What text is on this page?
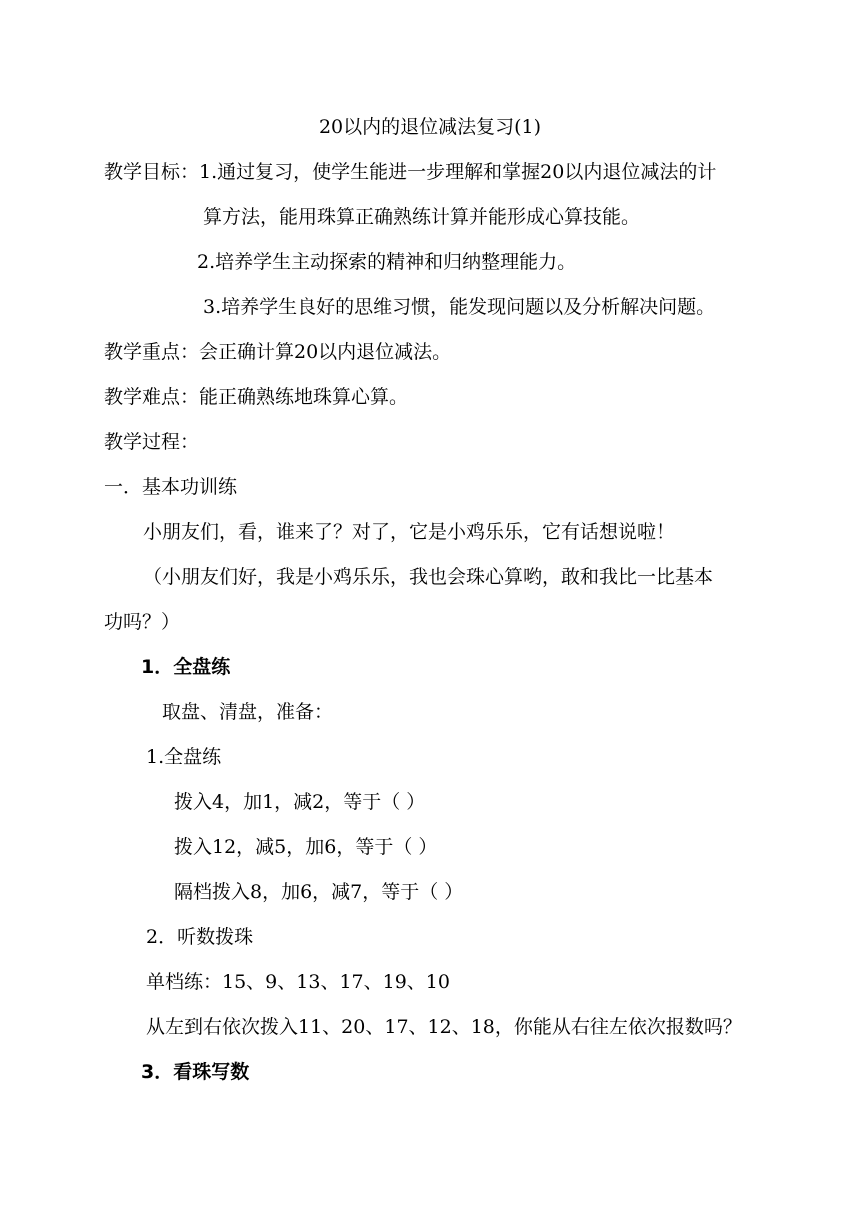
20以内的退位减法复习(1)
教学目标：1.通过复习，使学生能进一步理解和掌握20以内退位减法的计
算方法，能用珠算正确熟练计算并能形成心算技能。
2.培养学生主动探索的精神和归纳整理能力。
3.培养学生良好的思维习惯，能发现问题以及分析解决问题。
教学重点：会正确计算20以内退位减法。
教学难点：能正确熟练地珠算心算。
教学过程：
一．基本功训练
小朋友们，看，谁来了？对了，它是小鸡乐乐，它有话想说啦！
（小朋友们好，我是小鸡乐乐，我也会珠心算哟，敢和我比一比基本
功吗？）
1．全盘练
取盘、清盘，准备：
1.全盘练
拨入4，加1，减2，等于（ ）
拨入12，减5，加6，等于（ ）
隔档拨入8，加6，减7，等于（ ）
2．听数拨珠
单档练：15、9、13、17、19、10
从左到右依次拨入11、20、17、12、18，你能从右往左依次报数吗？
3．看珠写数
